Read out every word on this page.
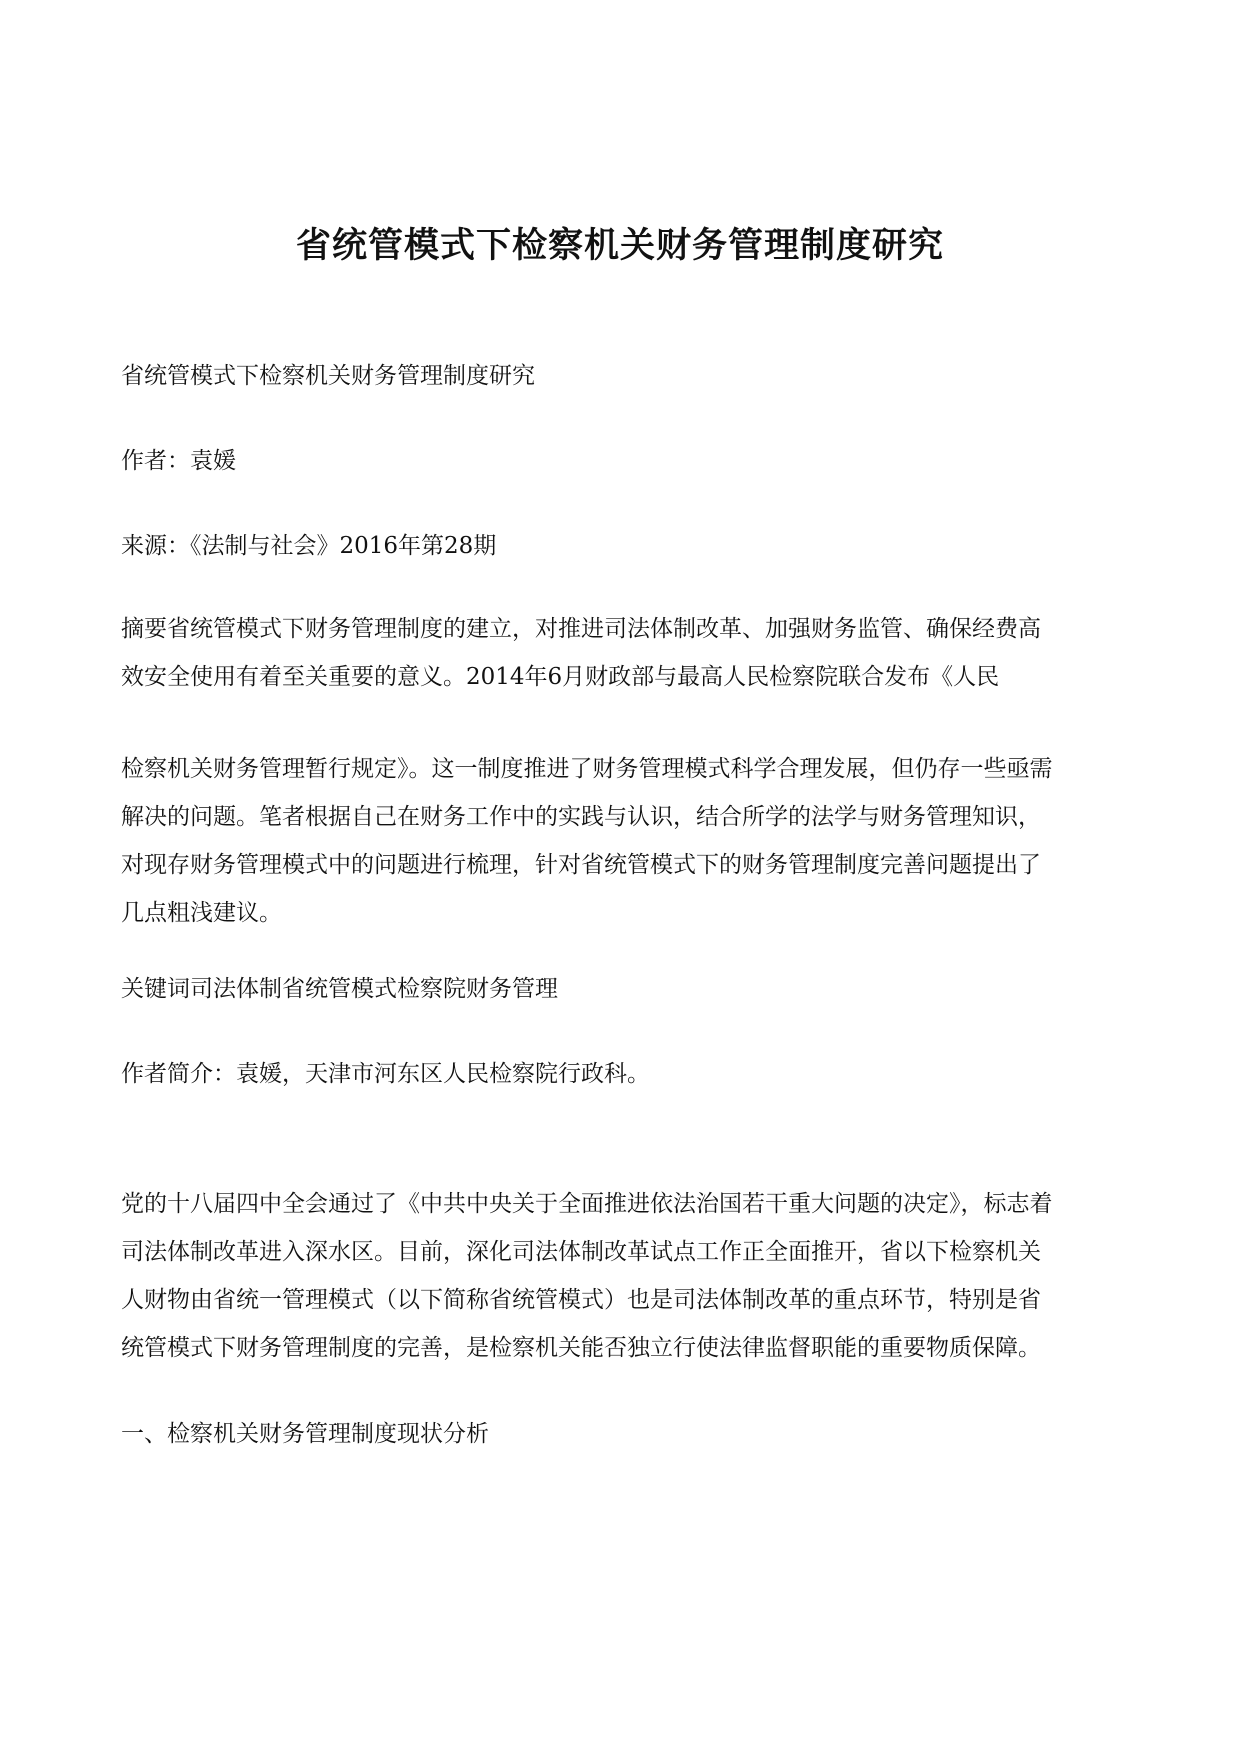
省统管模式下检察机关财务管理制度研究

省统管模式下检察机关财务管理制度研究

作者：袁媛

来源：《法制与社会》2016年第28期

摘要省统管模式下财务管理制度的建立，对推进司法体制改革、加强财务监管、确保经费高
效安全使用有着至关重要的意义。2014年6月财政部与最高人民检察院联合发布《人民
检察机关财务管理暂行规定》。这一制度推进了财务管理模式科学合理发展，但仍存一些亟需
解决的问题。笔者根据自己在财务工作中的实践与认识，结合所学的法学与财务管理知识，
对现存财务管理模式中的问题进行梳理，针对省统管模式下的财务管理制度完善问题提出了
几点粗浅建议。

关键词司法体制省统管模式检察院财务管理

作者简介：袁媛，天津市河东区人民检察院行政科。

党的十八届四中全会通过了《中共中央关于全面推进依法治国若干重大问题的决定》，标志着
司法体制改革进入深水区。目前，深化司法体制改革试点工作正全面推开，省以下检察机关
人财物由省统一管理模式（以下简称省统管模式）也是司法体制改革的重点环节，特别是省
统管模式下财务管理制度的完善，是检察机关能否独立行使法律监督职能的重要物质保障。

一、检察机关财务管理制度现状分析
